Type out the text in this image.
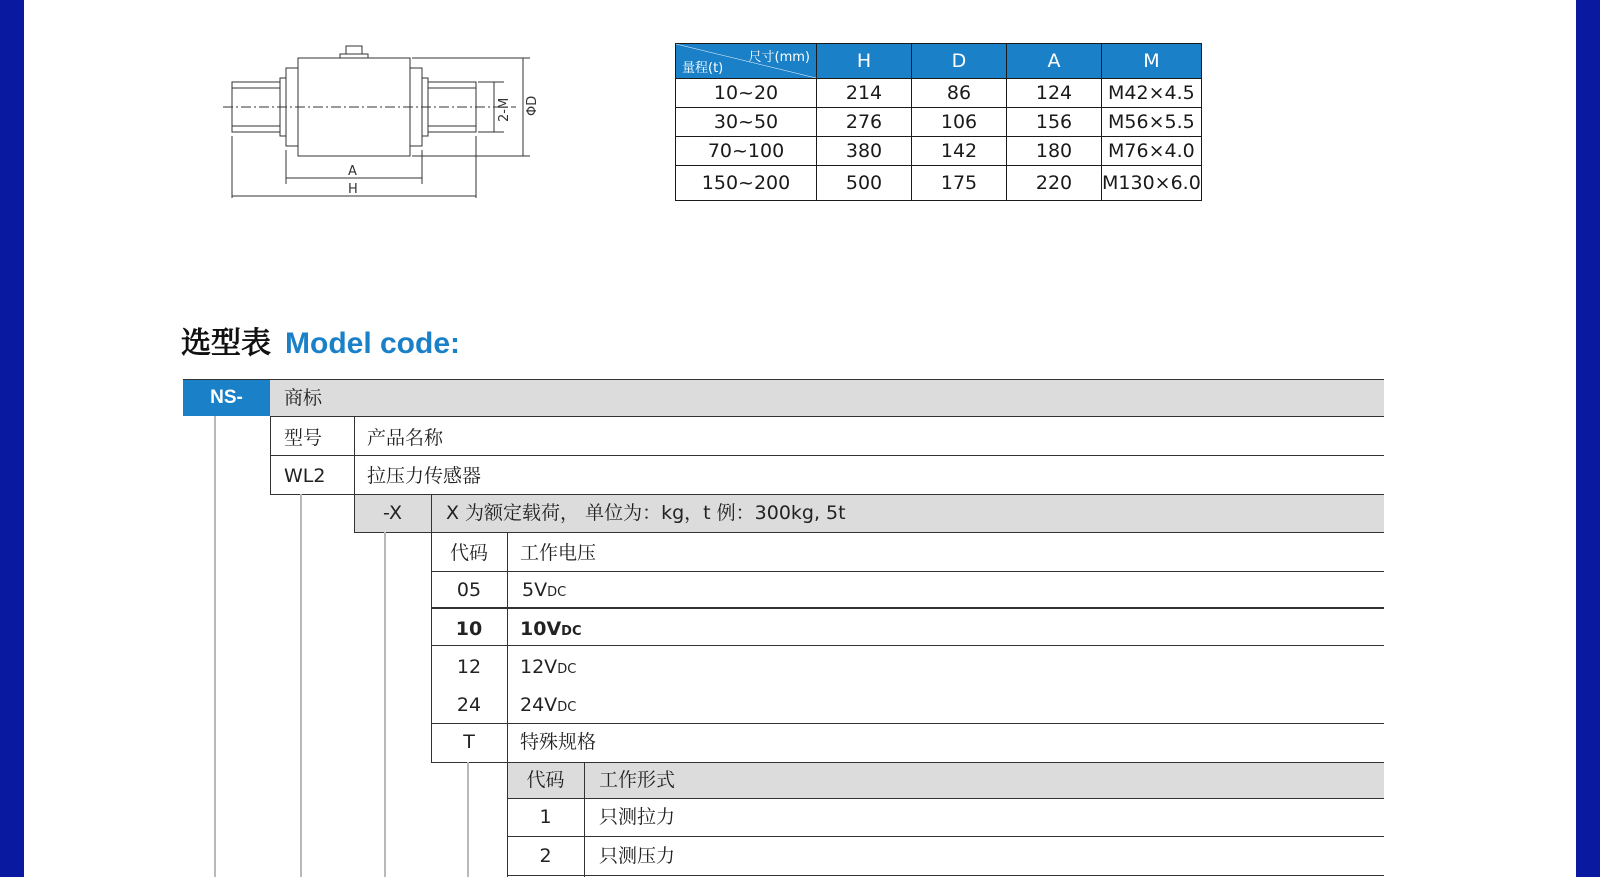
A
H
2-M ΦD
尺寸(mm)
量程(t)	H	D	A	M
10~20	214	86	124	M42×4.5
30~50	276	106	156	M56×5.5
70~100	380	142	180	M76×4.0
150~200	500	175	220	M130×6.0
选型表 Model code:
NS-	商标
型号 产品名称
WL2 拉压力传感器
-X	X 为额定载荷， 单位为：kg，t 例：300kg, 5t
代码	工作电压
05	5VDC
10	10VDC
12	12VDC
24	24VDC
T	特殊规格
代码	工作形式
1	只测拉力
2	只测压力
